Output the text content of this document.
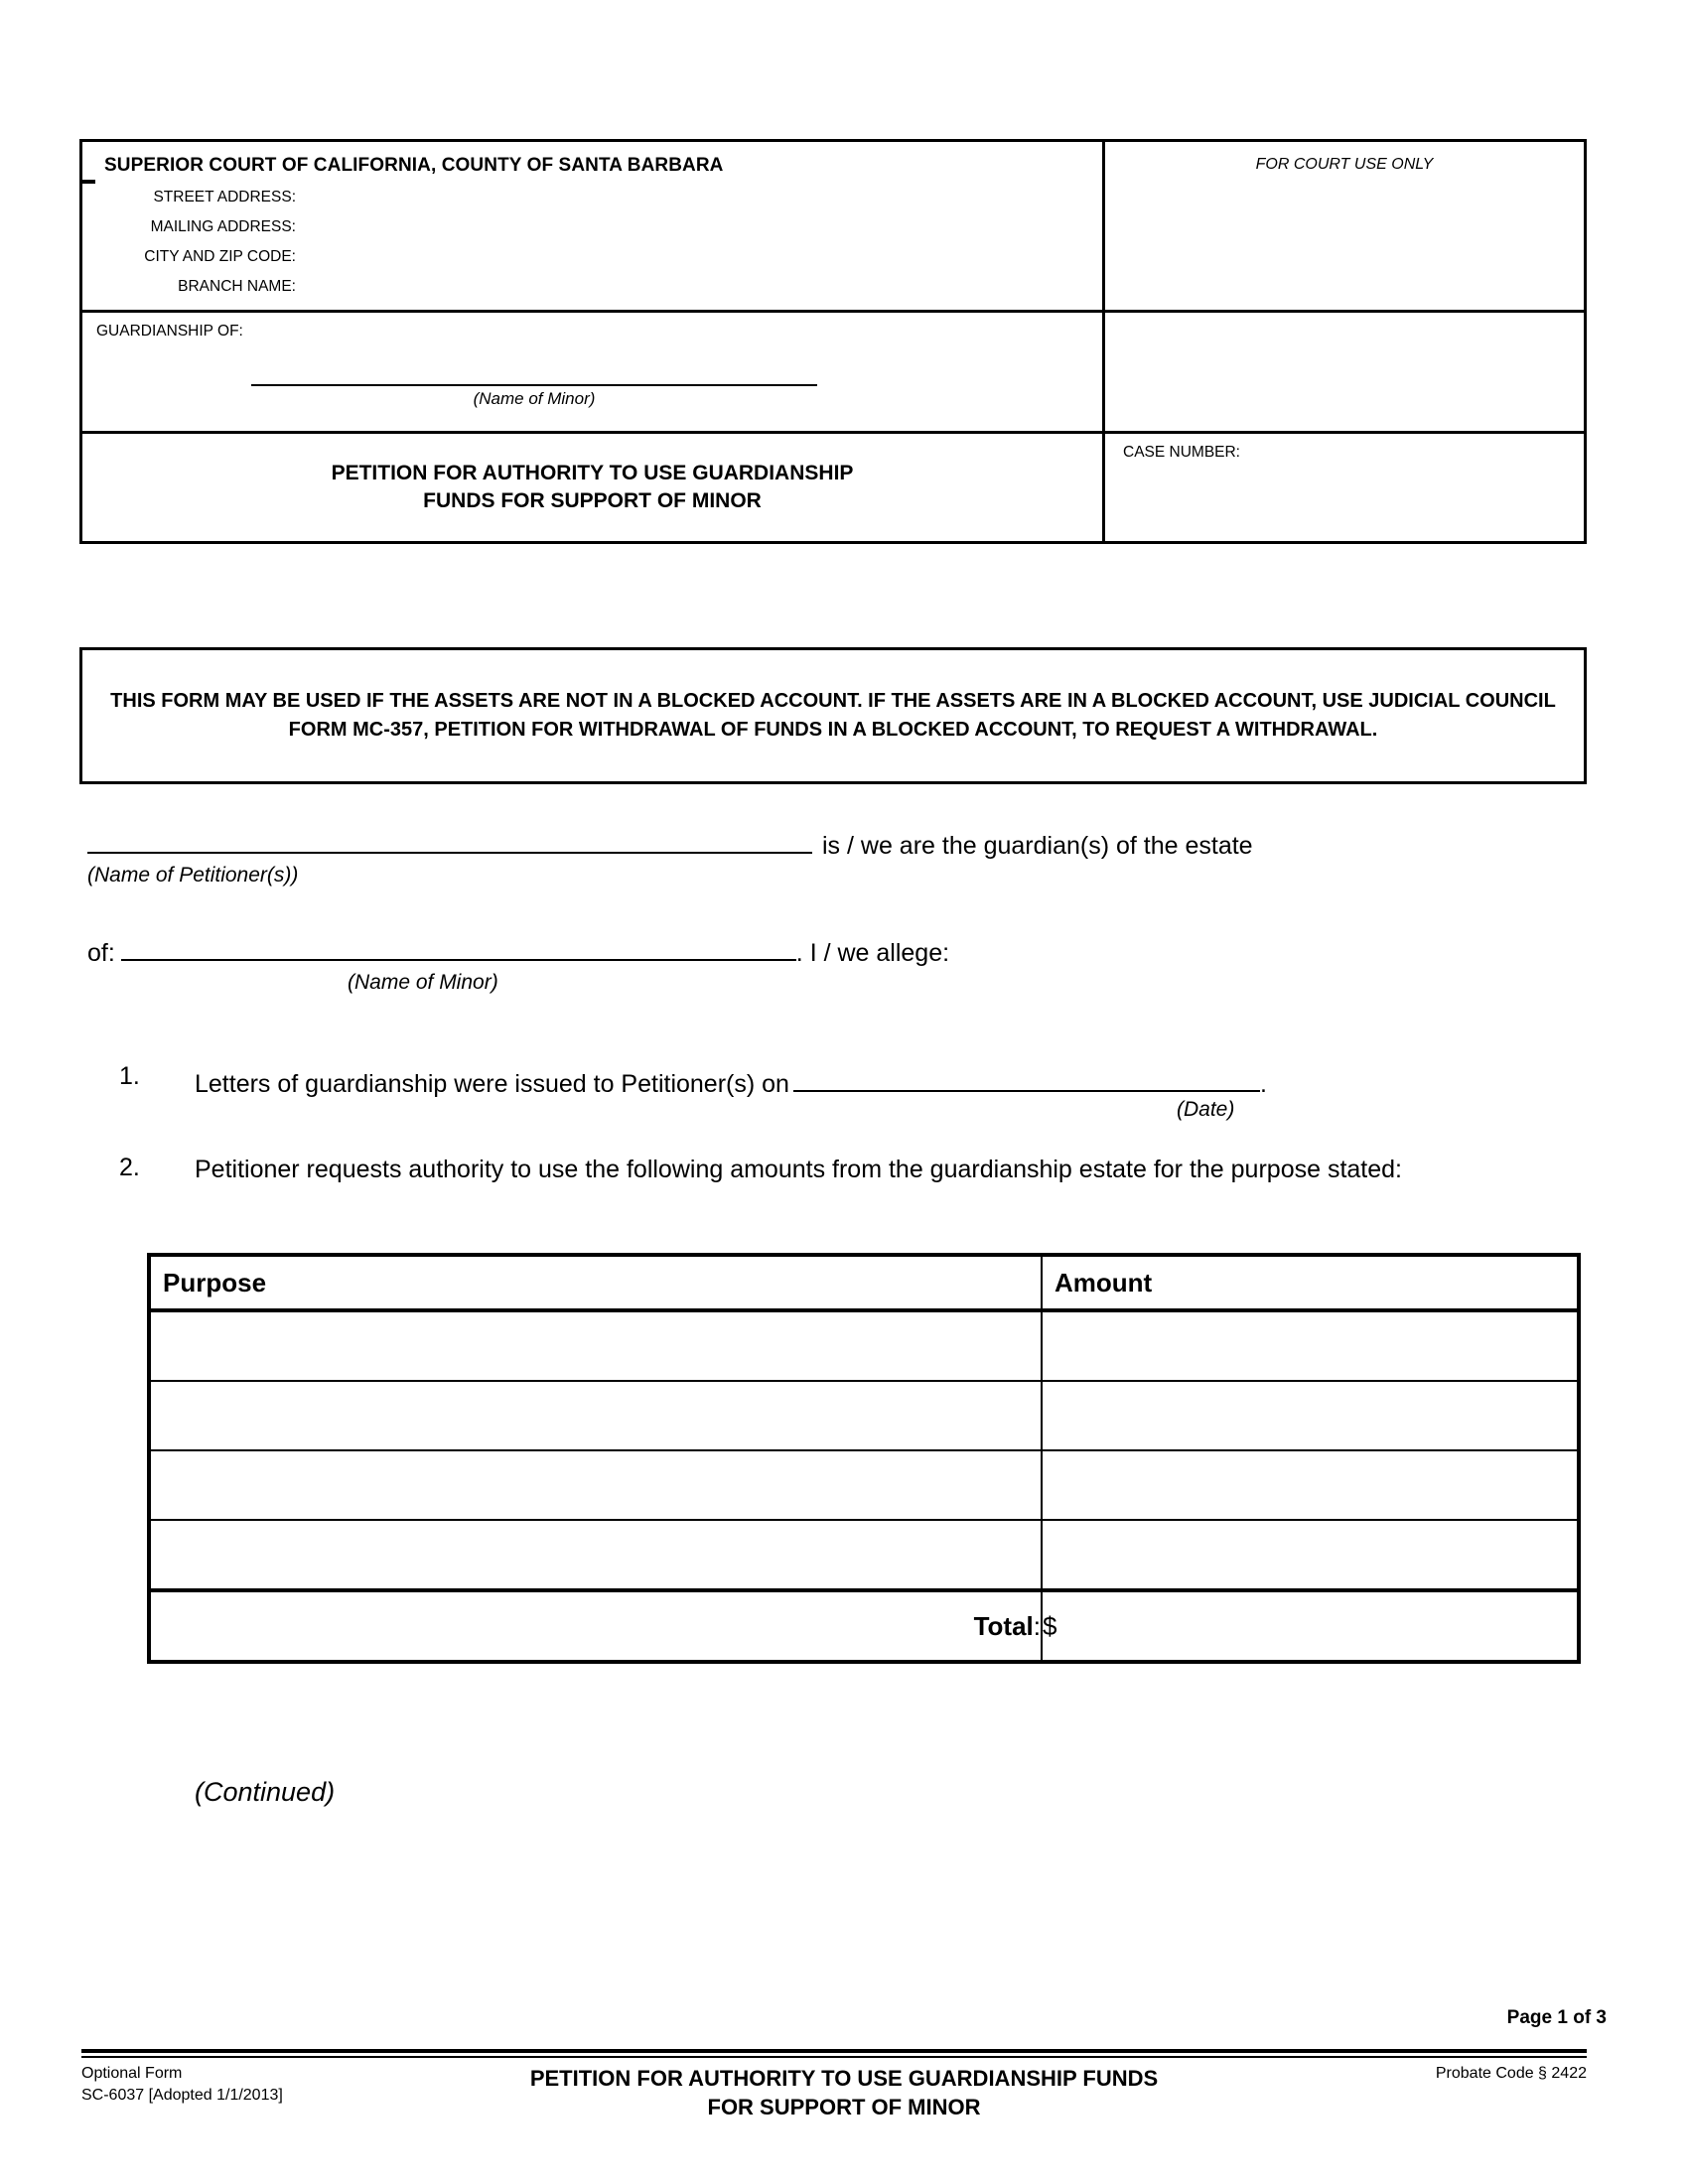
SUPERIOR COURT OF CALIFORNIA, COUNTY OF SANTA BARBARA
STREET ADDRESS:
MAILING ADDRESS:
CITY AND ZIP CODE:
BRANCH NAME:
FOR COURT USE ONLY
GUARDIANSHIP OF:
(Name of Minor)
PETITION FOR AUTHORITY TO USE GUARDIANSHIP
FUNDS FOR SUPPORT OF MINOR
CASE NUMBER:
THIS FORM MAY BE USED IF THE ASSETS ARE NOT IN A BLOCKED ACCOUNT. IF THE ASSETS ARE IN A BLOCKED ACCOUNT, USE JUDICIAL COUNCIL FORM MC-357, PETITION FOR WITHDRAWAL OF FUNDS IN A BLOCKED ACCOUNT, TO REQUEST A WITHDRAWAL.
is / we are the guardian(s) of the estate
(Name of Petitioner(s))
of:	. I / we allege:
(Name of Minor)
1. Letters of guardianship were issued to Petitioner(s) on	.
(Date)
2. Petitioner requests authority to use the following amounts from the guardianship estate for the purpose stated:
Purpose	Amount

Total:	$
(Continued)
Page 1 of 3
Optional Form
SC-6037 [Adopted 1/1/2013]
PETITION FOR AUTHORITY TO USE GUARDIANSHIP FUNDS
FOR SUPPORT OF MINOR
Probate Code § 2422
